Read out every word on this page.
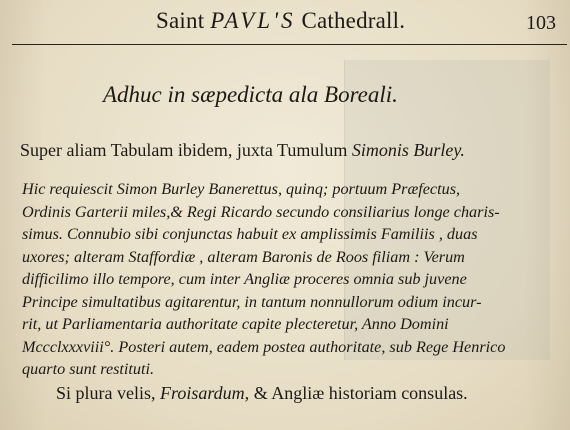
Saint PAVL'S Cathedrall.	103
Adhuc in sæpedicta ala Boreali.
Super aliam Tabulam ibidem, juxta Tumulum Simonis Burley.
Hic requiescit Simon Burley Banerettus, quinq; portuum Præfectus,
Ordinis Garterii miles,& Regi Ricardo secundo consiliarius longe charis-
simus. Connubio sibi conjunctas habuit ex amplissimis Familiis , duas
uxores; alteram Staffordiæ , alteram Baronis de Roos filiam : Verum
difficilimo illo tempore, cum inter Angliæ proceres omnia sub juvene
Principe simultatibus agitarentur, in tantum nonnullorum odium incur-
rit, ut Parliamentaria authoritate capite plecteretur, Anno Domini
Mccclxxxviii°. Posteri autem, eadem postea authoritate, sub Rege Henrico
quarto sunt restituti.
Si plura velis, Froisardum, & Angliæ historiam consulas.
